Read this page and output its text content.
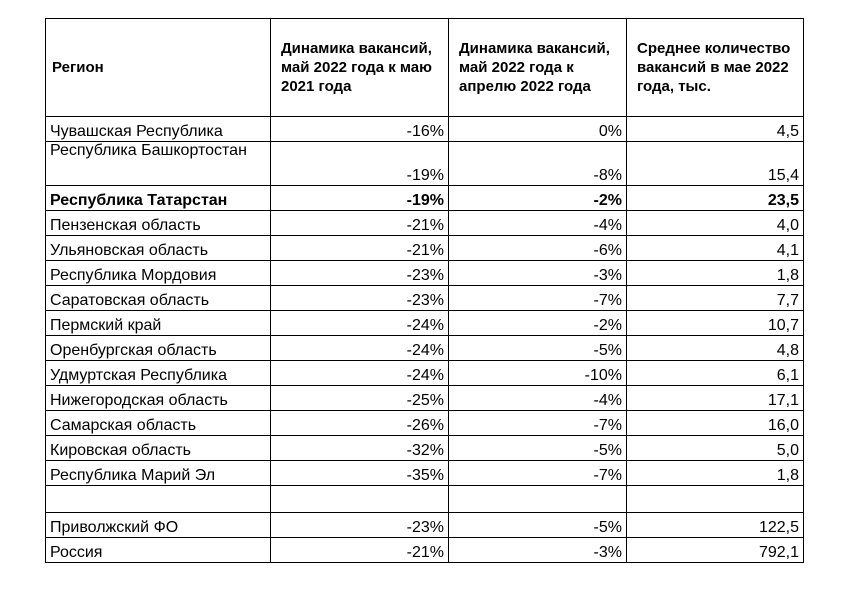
Регион	Динамика вакансий, май 2022 года к маю 2021 года	Динамика вакансий, май 2022 года к апрелю 2022 года	Среднее количество вакансий в мае 2022 года, тыс.
Чувашская Республика	-16%	0%	4,5
Республика Башкортостан	-19%	-8%	15,4
Республика Татарстан	-19%	-2%	23,5
Пензенская область	-21%	-4%	4,0
Ульяновская область	-21%	-6%	4,1
Республика Мордовия	-23%	-3%	1,8
Саратовская область	-23%	-7%	7,7
Пермский край	-24%	-2%	10,7
Оренбургская область	-24%	-5%	4,8
Удмуртская Республика	-24%	-10%	6,1
Нижегородская область	-25%	-4%	17,1
Самарская область	-26%	-7%	16,0
Кировская область	-32%	-5%	5,0
Республика Марий Эл	-35%	-7%	1,8

Приволжский ФО	-23%	-5%	122,5
Россия	-21%	-3%	792,1
